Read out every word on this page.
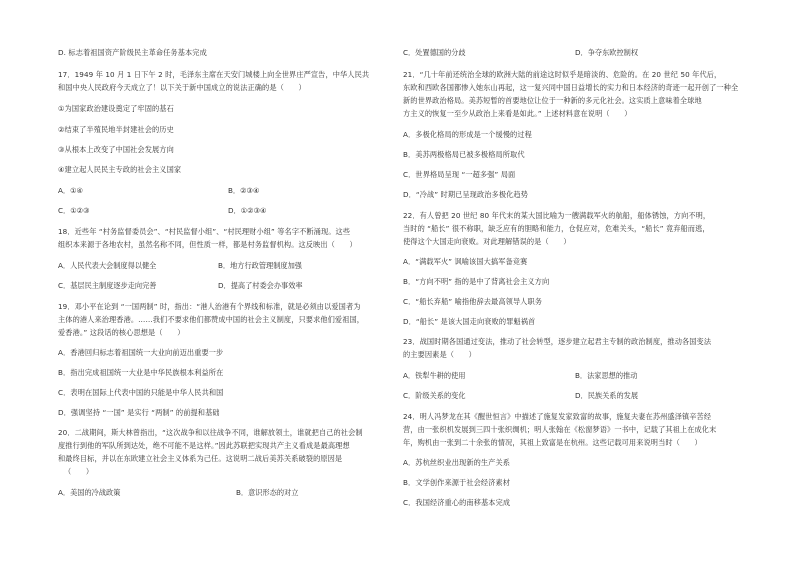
D. 标志着祖国资产阶级民主革命任务基本完成
17．1949 年 10 月 1 日下午 2 时，毛泽东主席在天安门城楼上向全世界庄严宣告，中华人民共
和国中央人民政府今天成立了！以下关于新中国成立的说法正确的是（　　）
①为国家政治建设奠定了牢固的基石
②结束了半殖民地半封建社会的历史
③从根本上改变了中国社会发展方向
④建立起人民民主专政的社会主义国家
A．①④	B．②③④
C．①②③	D．①②③④
18．近些年 “村务监督委员会”、“村民监督小组”、“村民理财小组” 等名字不断涌现。这些
组织本来源于各地农村，虽然名称不同，但性质一样，都是村务监督机构。这反映出（　　）
A．人民代表大会制度得以健全	B．地方行政管理制度加强
C．基层民主制度逐步走向完善	D．提高了村委会办事效率
19．邓小平在论到 “一国两制” 时，指出：“港人治港有个界线和标准，就是必须由以爱国者为
主体的港人来治理香港。……我们不要求他们都赞成中国的社会主义制度，只要求他们爱祖国，
爱香港。” 这段话的核心思想是（　　）
A．香港回归标志着祖国统一大业向前迈出重要一步
B．指出完成祖国统一大业是中华民族根本利益所在
C．表明在国际上代表中国的只能是中华人民共和国
D．强调坚持 “一国” 是实行 “两制” 的前提和基础
20．二战期间，斯大林曾指出，“这次战争和以往战争不同，谁解放领土，谁就把自己的社会制
度推行到他的军队所到达处，绝不可能不是这样。”因此苏联把实现共产主义看成是最高理想
和最终目标，并以在东欧建立社会主义体系为己任。这说明二战后美苏关系破裂的原因是
（　　）
A．美国的冷战政策	B．意识形态的对立
C．处置德国的分歧	D．争夺东欧控制权
21．“几十年前还统治全球的欧洲大陆的前途这时似乎是暗淡的、危险的。在 20 世纪 50 年代后，
东欧和西欧各国都惨入她东山再起，这一复兴同中国日益增长的实力和日本经济的奇迹一起开创了一种全
新的世界政治格局。美苏短暂的首要地位让位于一种新的多元化社会。这实质上意味着全球地
方主义的恢复一至少从政治上来看是如此。” 上述材料意在说明（　　）
A．多极化格局的形成是一个缓慢的过程
B．美苏两极格局已被多极格局所取代
C．世界格局呈现 “一超多强” 局面
D．“冷战” 时期已呈现政治多极化趋势
22．有人曾把 20 世纪 80 年代末的某大国比喻为一艘满载军火的航船，船体锈蚀，方向不明，
当时的 “船长” 很不称职，缺乏应有的胆略和能力，仓促应对，危难关头，“船长” 竟弃船而逃，
使得这个大国走向衰败。对此理解错误的是（　　）
A．“满载军火” 讽喻该国大搞军备竞赛
B．“方向不明” 指的是中了背离社会主义方向
C．“船长弃船” 喻指他辞去最高领导人职务
D．“船长” 是该大国走向衰败的罪魁祸首
23．战国时期各国通过变法，推动了社会转型，逐步建立起君主专制的政治制度，推动各国变法
的主要因素是（　　）
A．铁犁牛耕的使用	B．法家思想的推动
C．阶级关系的变化	D．民族关系的发展
24．明人冯梦龙在其《醒世恒言》中描述了施复发家致富的故事，施复夫妻在苏州盛泽镇辛苦经
营，由一张织机发展到三四十张织绸机；明人张翰在《松窗梦语》一书中，记载了其祖上在成化末
年，购机由一张到二十余张的情况，其祖上致富是在杭州。这些记载可用来说明当时（　　）
A．苏杭丝织业出现新的生产关系
B．文学创作来源于社会经济素材
C．我国经济重心的南移基本完成
